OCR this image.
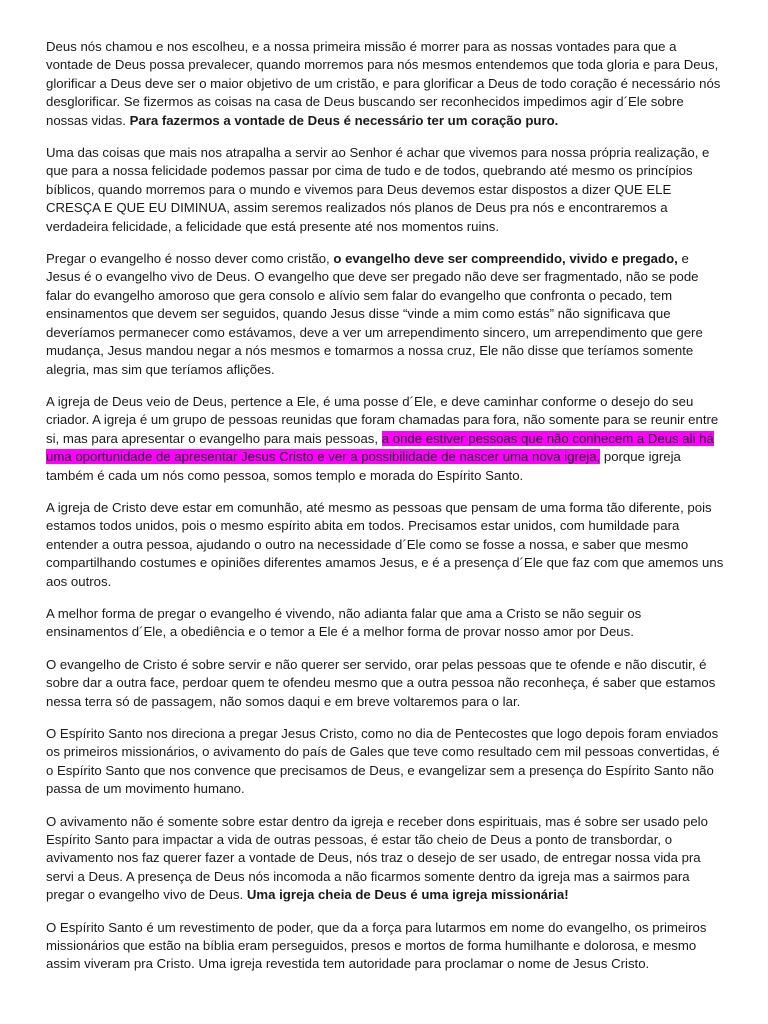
Deus nós chamou e nos escolheu, e a nossa primeira missão é morrer para as nossas vontades para que a vontade de Deus possa prevalecer, quando morremos para nós mesmos entendemos que toda gloria e para Deus, glorificar a Deus deve ser o maior objetivo de um cristão, e para glorificar a Deus de todo coração é necessário nós desglorificar. Se fizermos as coisas na casa de Deus buscando ser reconhecidos impedimos agir d´Ele sobre nossas vidas. Para fazermos a vontade de Deus é necessário ter um coração puro.

Uma das coisas que mais nos atrapalha a servir ao Senhor é achar que vivemos para nossa própria realização, e que para a nossa felicidade podemos passar por cima de tudo e de todos, quebrando até mesmo os princípios bíblicos, quando morremos para o mundo e vivemos para Deus devemos estar dispostos a dizer QUE ELE CRESÇA E QUE EU DIMINUA, assim seremos realizados nós planos de Deus pra nós e encontraremos a verdadeira felicidade, a felicidade que está presente até nos momentos ruins.

Pregar o evangelho é nosso dever como cristão, o evangelho deve ser compreendido, vivido e pregado, e Jesus é o evangelho vivo de Deus. O evangelho que deve ser pregado não deve ser fragmentado, não se pode falar do evangelho amoroso que gera consolo e alívio sem falar do evangelho que confronta o pecado, tem ensinamentos que devem ser seguidos, quando Jesus disse “vinde a mim como estás” não significava que deveríamos permanecer como estávamos, deve a ver um arrependimento sincero, um arrependimento que gere mudança, Jesus mandou negar a nós mesmos e tomarmos a nossa cruz, Ele não disse que teríamos somente alegria, mas sim que teríamos aflições.

A igreja de Deus veio de Deus, pertence a Ele, é uma posse d´Ele, e deve caminhar conforme o desejo do seu criador. A igreja é um grupo de pessoas reunidas que foram chamadas para fora, não somente para se reunir entre si, mas para apresentar o evangelho para mais pessoas, a onde estiver pessoas que não conhecem a Deus ali há uma oportunidade de apresentar Jesus Cristo e ver a possibilidade de nascer uma nova igreja, porque igreja também é cada um nós como pessoa, somos templo e morada do Espírito Santo.

A igreja de Cristo deve estar em comunhão, até mesmo as pessoas que pensam de uma forma tão diferente, pois estamos todos unidos, pois o mesmo espírito abita em todos. Precisamos estar unidos, com humildade para entender a outra pessoa, ajudando o outro na necessidade d´Ele como se fosse a nossa, e saber que mesmo compartilhando costumes e opiniões diferentes amamos Jesus, e é a presença d´Ele que faz com que amemos uns aos outros.

A melhor forma de pregar o evangelho é vivendo, não adianta falar que ama a Cristo se não seguir os ensinamentos d´Ele, a obediência e o temor a Ele é a melhor forma de provar nosso amor por Deus.

O evangelho de Cristo é sobre servir e não querer ser servido, orar pelas pessoas que te ofende e não discutir, é sobre dar a outra face, perdoar quem te ofendeu mesmo que a outra pessoa não reconheça, é saber que estamos nessa terra só de passagem, não somos daqui e em breve voltaremos para o lar.

O Espírito Santo nos direciona a pregar Jesus Cristo, como no dia de Pentecostes que logo depois foram enviados os primeiros missionários, o avivamento do país de Gales que teve como resultado cem mil pessoas convertidas, é o Espírito Santo que nos convence que precisamos de Deus, e evangelizar sem a presença do Espírito Santo não passa de um movimento humano.

O avivamento não é somente sobre estar dentro da igreja e receber dons espirituais, mas é sobre ser usado pelo Espírito Santo para impactar a vida de outras pessoas, é estar tão cheio de Deus a ponto de transbordar, o avivamento nos faz querer fazer a vontade de Deus, nós traz o desejo de ser usado, de entregar nossa vida pra servi a Deus. A presença de Deus nós incomoda a não ficarmos somente dentro da igreja mas a sairmos para pregar o evangelho vivo de Deus. Uma igreja cheia de Deus é uma igreja missionária!

O Espírito Santo é um revestimento de poder, que da a força para lutarmos em nome do evangelho, os primeiros missionários que estão na bíblia eram perseguidos, presos e mortos de forma humilhante e dolorosa, e mesmo assim viveram pra Cristo. Uma igreja revestida tem autoridade para proclamar o nome de Jesus Cristo.
